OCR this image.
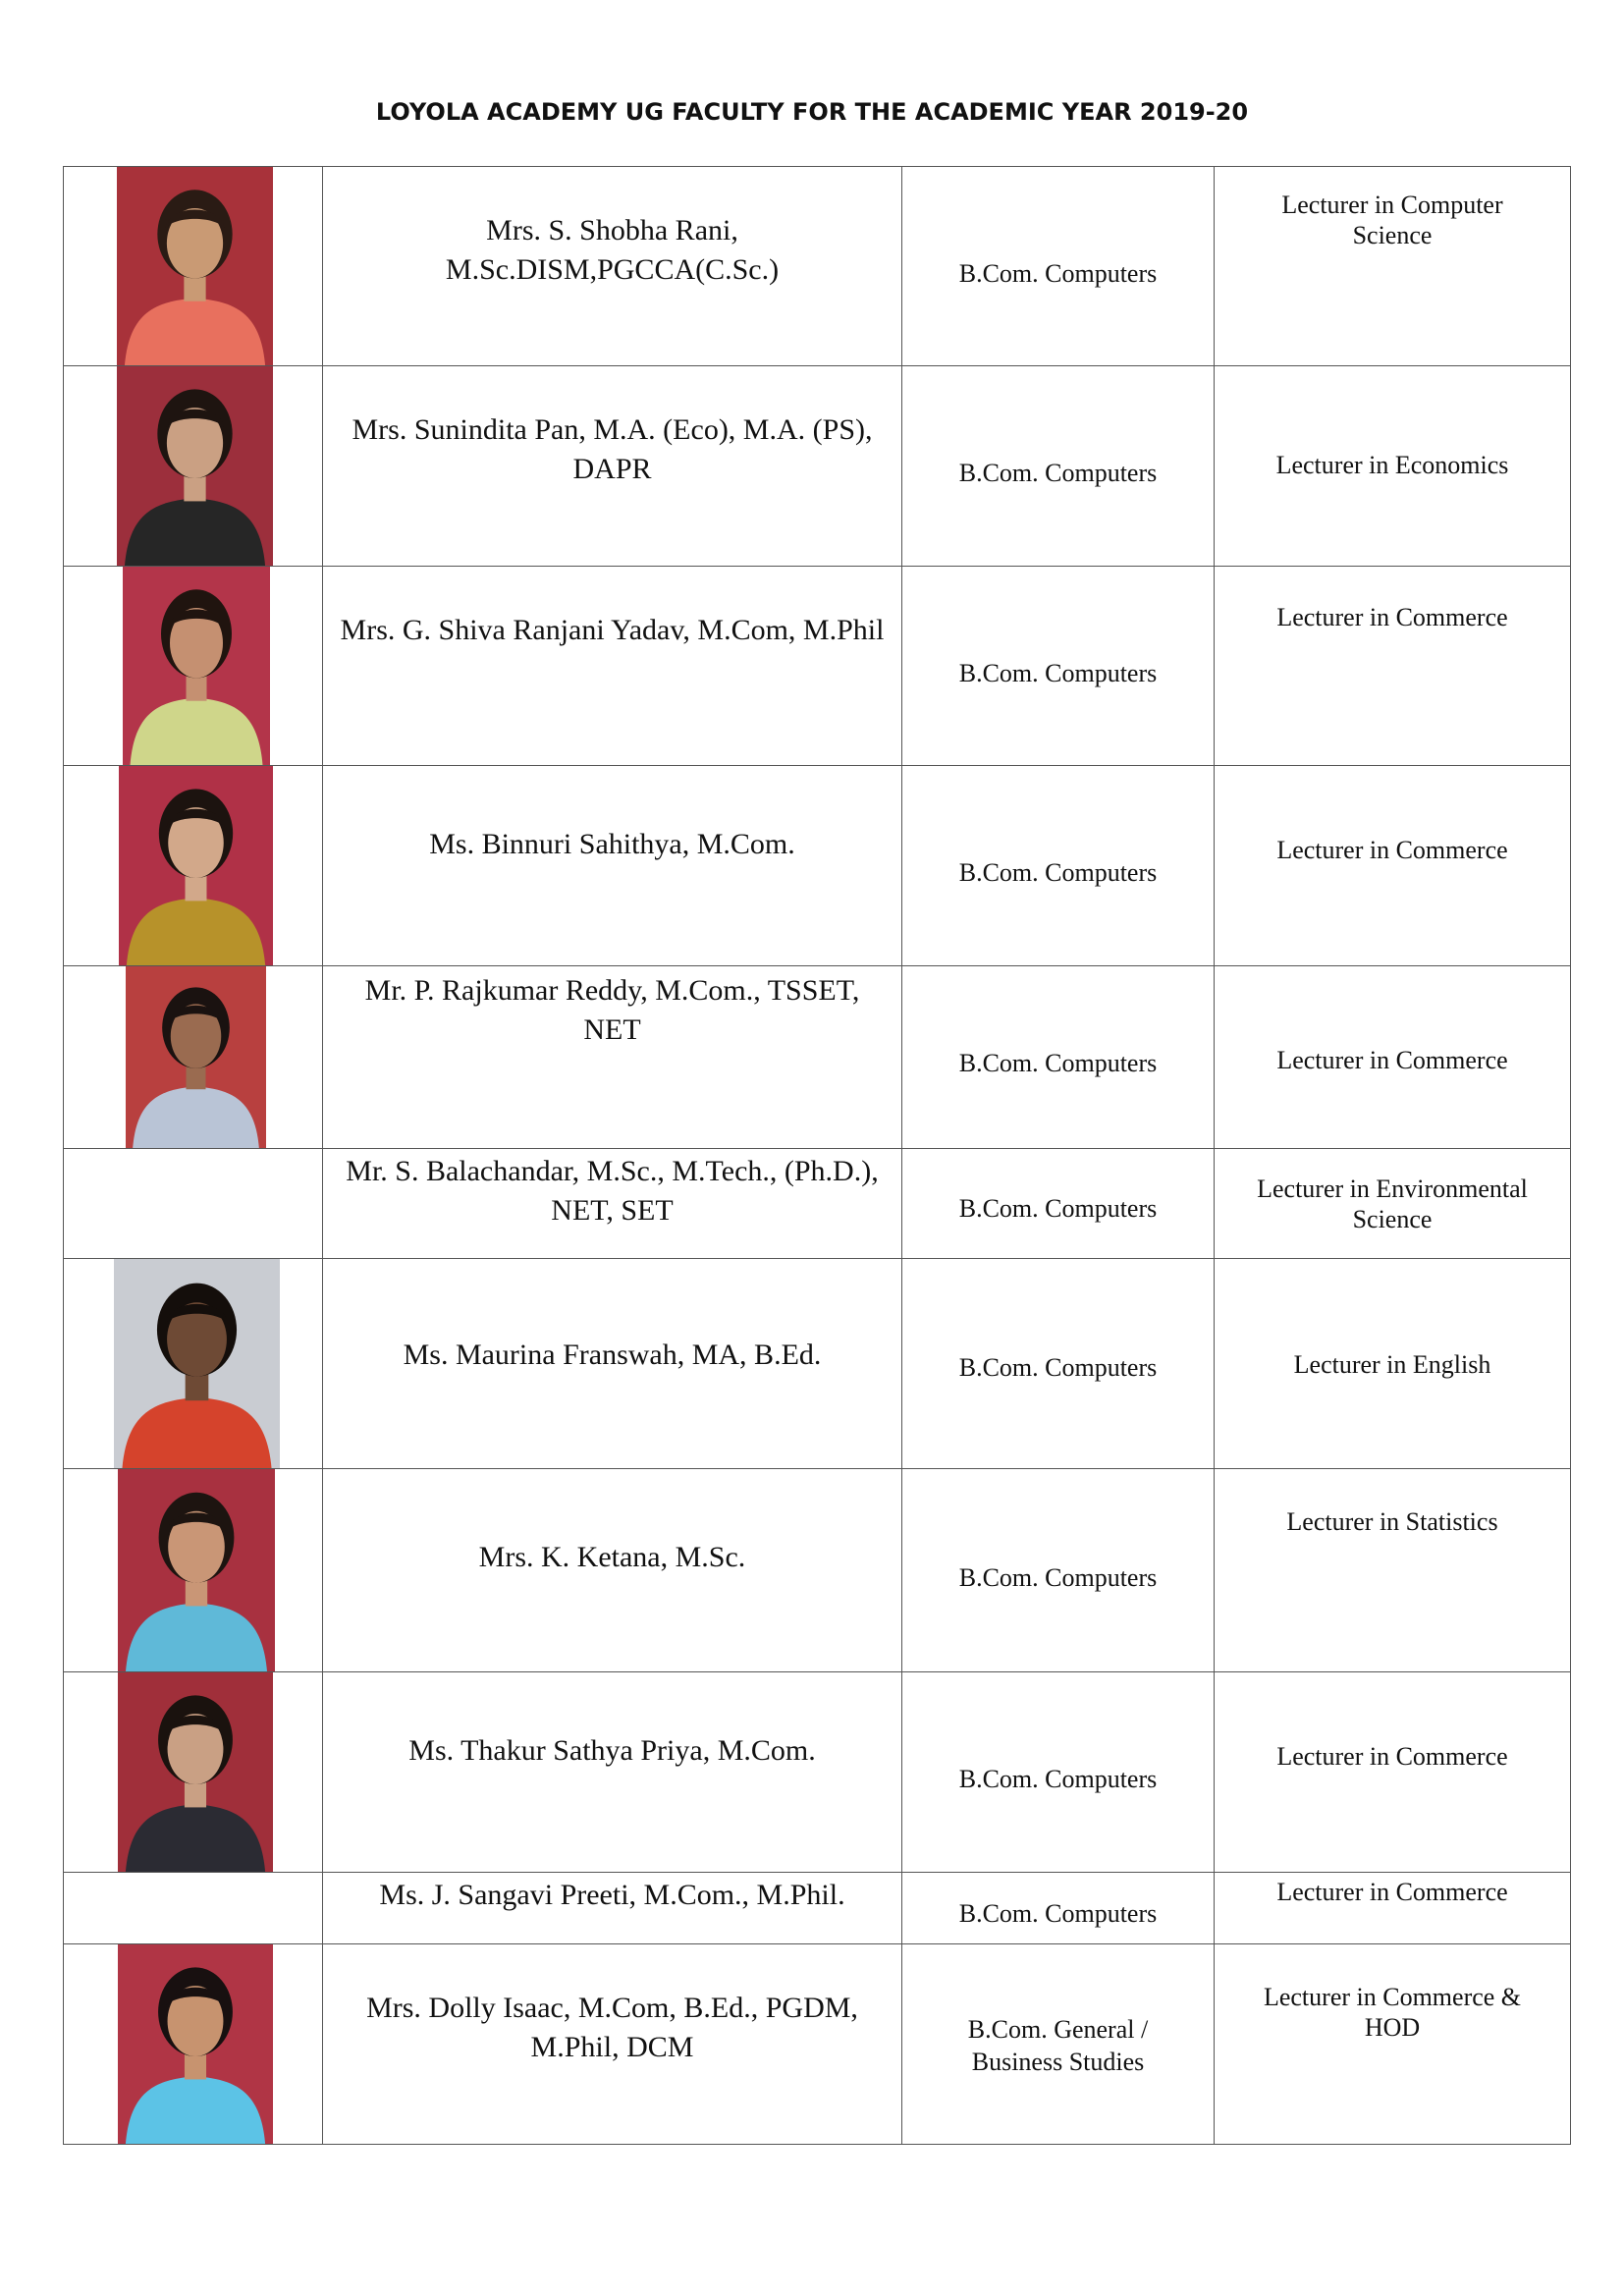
LOYOLA ACADEMY UG FACULTY FOR THE ACADEMIC YEAR 2019-20

Mrs. S. Shobha Rani, M.Sc.DISM,PGCCA(C.Sc.)	B.Com. Computers	Lecturer in Computer Science

Mrs. Sunindita Pan, M.A. (Eco), M.A. (PS), DAPR	B.Com. Computers	Lecturer in Economics

Mrs. G. Shiva Ranjani Yadav, M.Com, M.Phil	B.Com. Computers	Lecturer in Commerce

Ms. Binnuri Sahithya, M.Com.	B.Com. Computers	Lecturer in Commerce

Mr. P. Rajkumar Reddy, M.Com., TSSET, NET	B.Com. Computers	Lecturer in Commerce

	Mr. S. Balachandar, M.Sc., M.Tech., (Ph.D.), NET, SET	B.Com. Computers	Lecturer in Environmental Science

Ms. Maurina Franswah, MA, B.Ed.	B.Com. Computers	Lecturer in English

Mrs. K. Ketana, M.Sc.	B.Com. Computers	Lecturer in Statistics

Ms. Thakur Sathya Priya, M.Com.	B.Com. Computers	Lecturer in Commerce

	Ms. J. Sangavi Preeti, M.Com., M.Phil.	B.Com. Computers	Lecturer in Commerce

Mrs. Dolly Isaac, M.Com, B.Ed., PGDM, M.Phil, DCM	B.Com. General / Business Studies	Lecturer in Commerce & HOD
